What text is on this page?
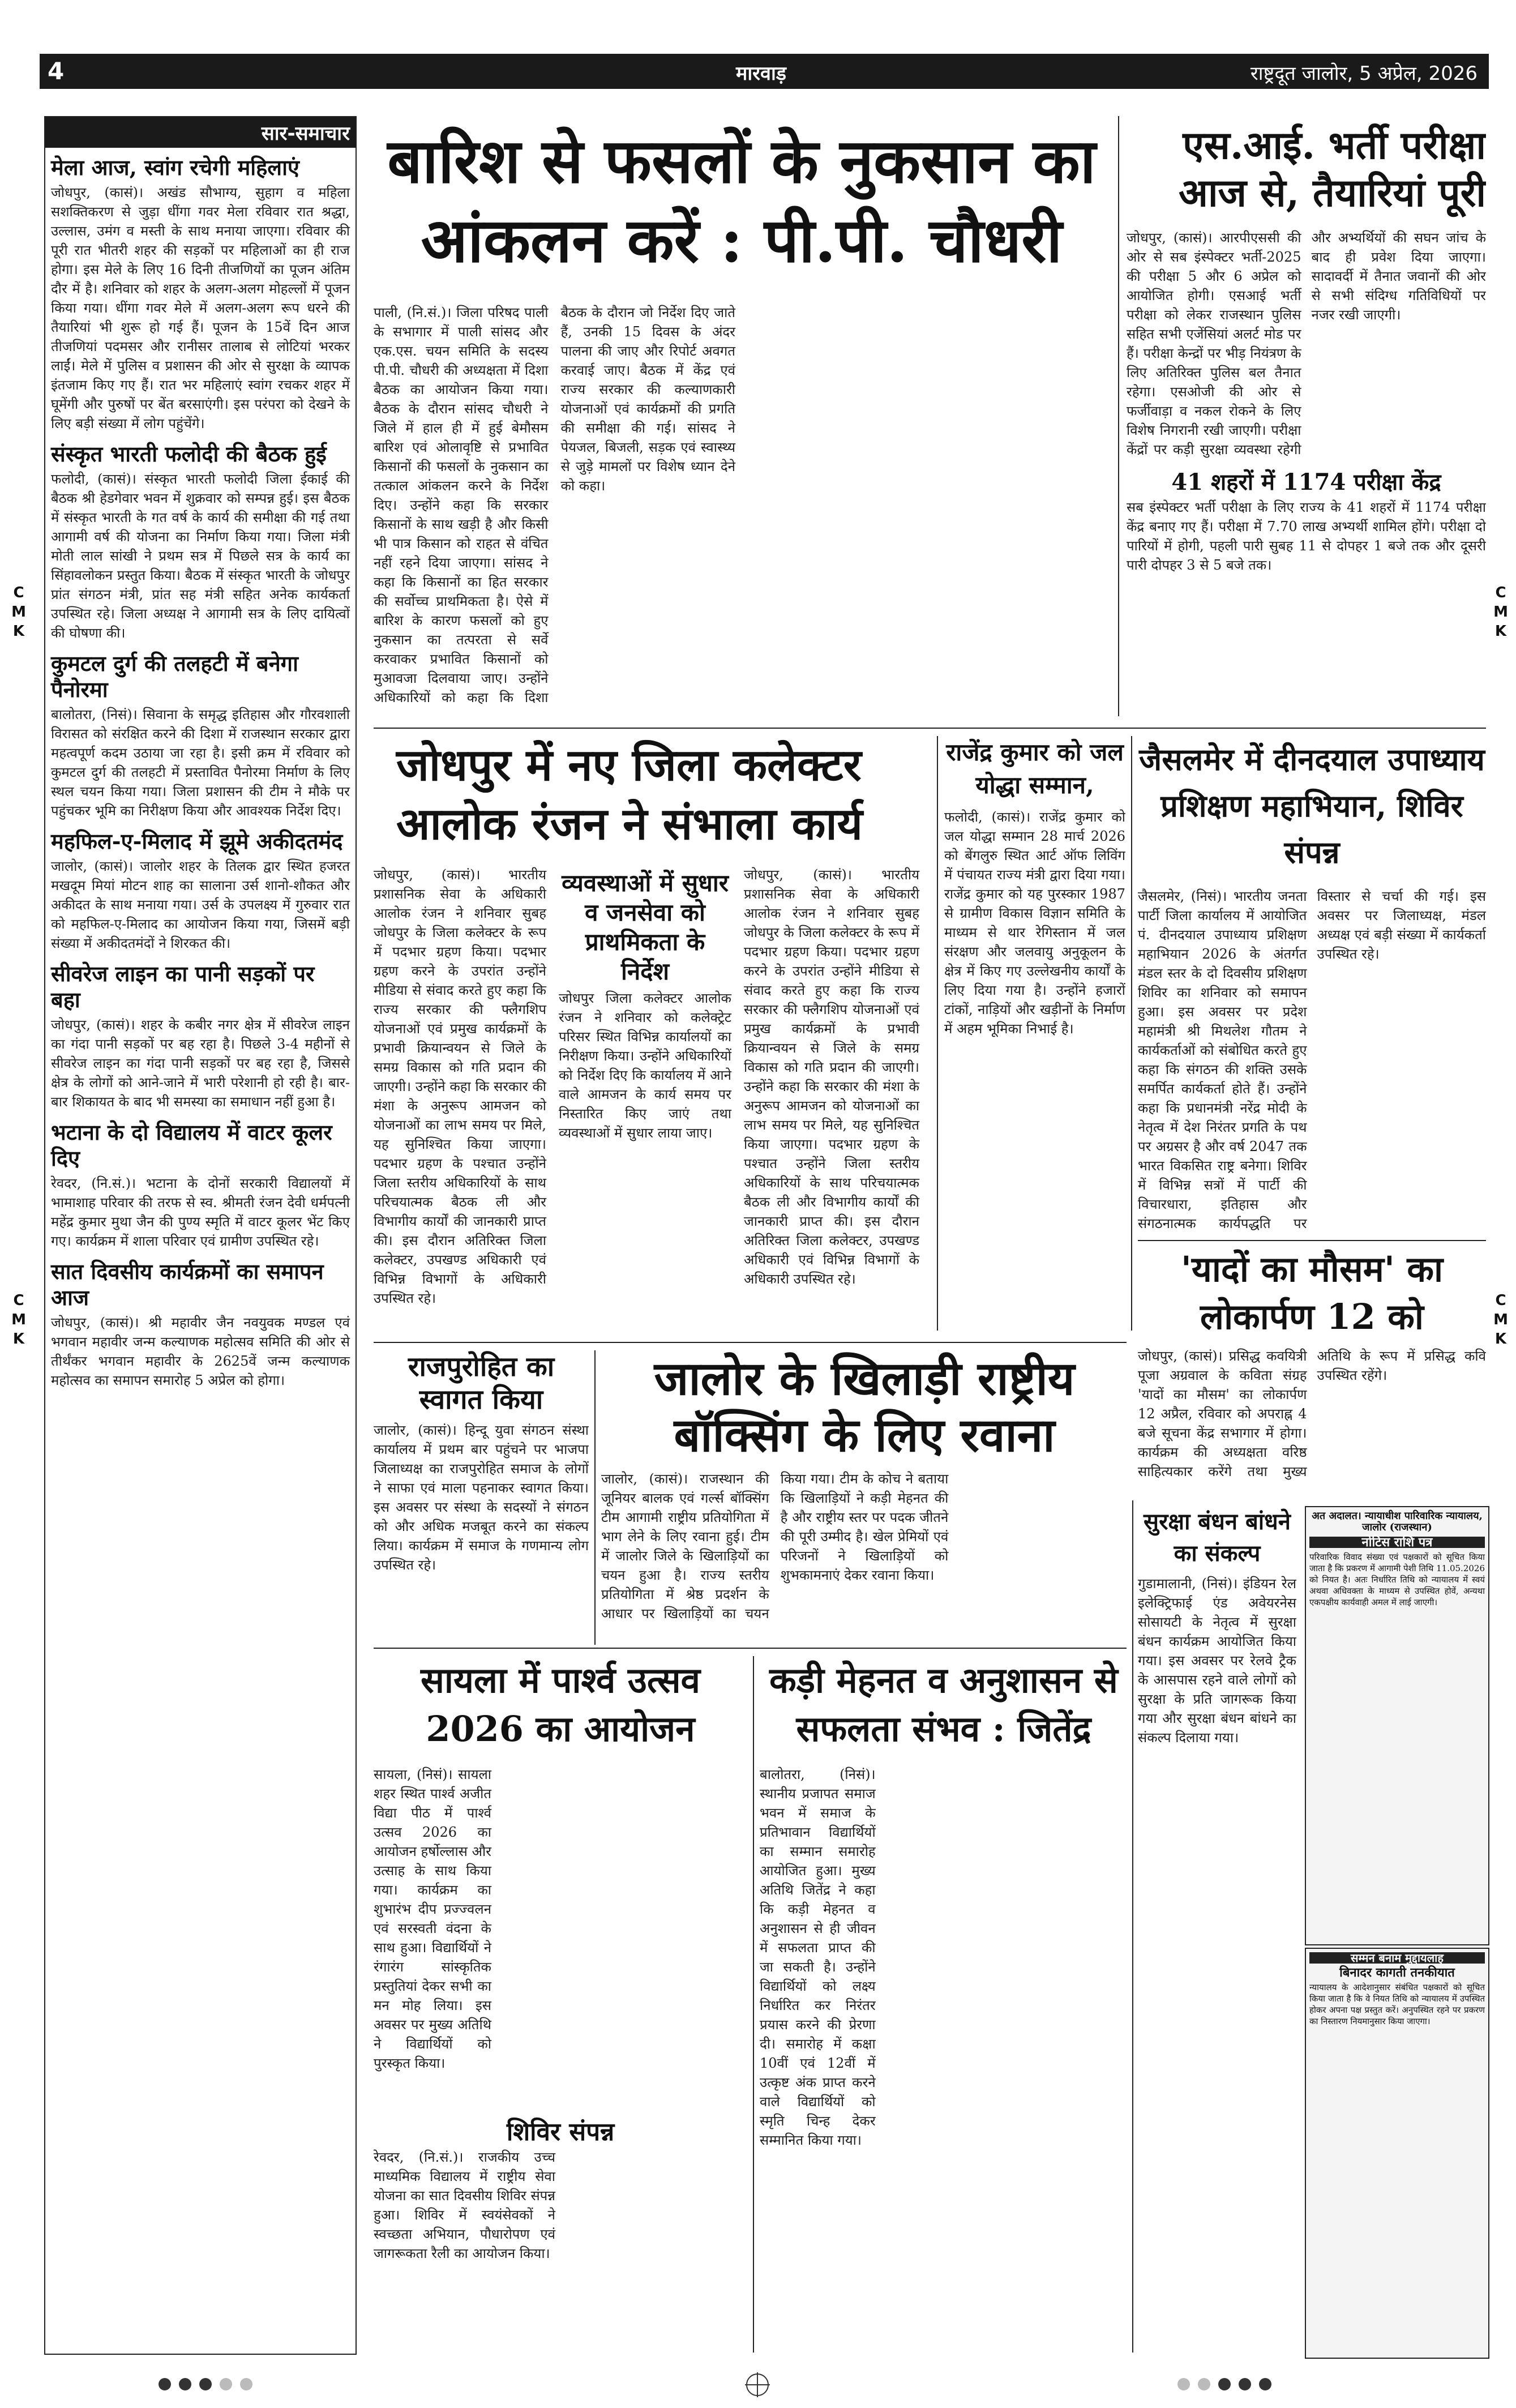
4	मारवाड़	राष्ट्रदूत जालोर, 5 अप्रेल, 2026
C
M
K
C
M
K
C
M
K
C
M
K
सार-समाचार
मेला आज, स्वांग रचेगी महिलाएं
जोधपुर, (कासं)। अखंड सौभाग्य, सुहाग व महिला सशक्तिकरण से जुड़ा धींगा गवर मेला रविवार रात श्रद्धा, उल्लास, उमंग व मस्ती के साथ मनाया जाएगा। रविवार की पूरी रात भीतरी शहर की सड़कों पर महिलाओं का ही राज होगा। इस मेले के लिए 16 दिनी तीजणियों का पूजन अंतिम दौर में है। शनिवार को शहर के अलग-अलग मोहल्लों में पूजन किया गया। धींगा गवर मेले में अलग-अलग रूप धरने की तैयारियां भी शुरू हो गई हैं। पूजन के 15वें दिन आज तीजणियां पदमसर और रानीसर तालाब से लोटियां भरकर लाईं। मेले में पुलिस व प्रशासन की ओर से सुरक्षा के व्यापक इंतजाम किए गए हैं। रात भर महिलाएं स्वांग रचकर शहर में घूमेंगी और पुरुषों पर बेंत बरसाएंगी। इस परंपरा को देखने के लिए बड़ी संख्या में लोग पहुंचेंगे।
संस्कृत भारती फलोदी की बैठक हुई
फलोदी, (कासं)। संस्कृत भारती फलोदी जिला ईकाई की बैठक श्री हेडगेवार भवन में शुक्रवार को सम्पन्न हुई। इस बैठक में संस्कृत भारती के गत वर्ष के कार्य की समीक्षा की गई तथा आगामी वर्ष की योजना का निर्माण किया गया। जिला मंत्री मोती लाल सांखी ने प्रथम सत्र में पिछले सत्र के कार्य का सिंहावलोकन प्रस्तुत किया। बैठक में संस्कृत भारती के जोधपुर प्रांत संगठन मंत्री, प्रांत सह मंत्री सहित अनेक कार्यकर्ता उपस्थित रहे। जिला अध्यक्ष ने आगामी सत्र के लिए दायित्वों की घोषणा की।
कुमटल दुर्ग की तलहटी में बनेगा पैनोरमा
बालोतरा, (निसं)। सिवाना के समृद्ध इतिहास और गौरवशाली विरासत को संरक्षित करने की दिशा में राजस्थान सरकार द्वारा महत्वपूर्ण कदम उठाया जा रहा है। इसी क्रम में रविवार को कुमटल दुर्ग की तलहटी में प्रस्तावित पैनोरमा निर्माण के लिए स्थल चयन किया गया। जिला प्रशासन की टीम ने मौके पर पहुंचकर भूमि का निरीक्षण किया और आवश्यक निर्देश दिए।
महफिल-ए-मिलाद में झूमे अकीदतमंद
जालोर, (कासं)। जालोर शहर के तिलक द्वार स्थित हजरत मखदूम मियां मोटन शाह का सालाना उर्स शानो-शौकत और अकीदत के साथ मनाया गया। उर्स के उपलक्ष्य में गुरुवार रात को महफिल-ए-मिलाद का आयोजन किया गया, जिसमें बड़ी संख्या में अकीदतमंदों ने शिरकत की।
सीवरेज लाइन का पानी सड़कों पर बहा
जोधपुर, (कासं)। शहर के कबीर नगर क्षेत्र में सीवरेज लाइन का गंदा पानी सड़कों पर बह रहा है। पिछले 3-4 महीनों से सीवरेज लाइन का गंदा पानी सड़कों पर बह रहा है, जिससे क्षेत्र के लोगों को आने-जाने में भारी परेशानी हो रही है। बार-बार शिकायत के बाद भी समस्या का समाधान नहीं हुआ है।
भटाना के दो विद्यालय में वाटर कूलर दिए
रेवदर, (नि.सं.)। भटाना के दोनों सरकारी विद्यालयों में भामाशाह परिवार की तरफ से स्व. श्रीमती रंजन देवी धर्मपत्नी महेंद्र कुमार मुथा जैन की पुण्य स्मृति में वाटर कूलर भेंट किए गए। कार्यक्रम में शाला परिवार एवं ग्रामीण उपस्थित रहे।
सात दिवसीय कार्यक्रमों का समापन आज
जोधपुर, (कासं)। श्री महावीर जैन नवयुवक मण्डल एवं भगवान महावीर जन्म कल्याणक महोत्सव समिति की ओर से तीर्थंकर भगवान महावीर के 2625वें जन्म कल्याणक महोत्सव का समापन समारोह 5 अप्रेल को होगा।
बारिश से फसलों के नुकसान का आंकलन करें : पी.पी. चौधरी
पाली, (नि.सं.)। जिला परिषद पाली के सभागार में पाली सांसद और एक.एस. चयन समिति के सदस्य पी.पी. चौधरी की अध्यक्षता में दिशा बैठक का आयोजन किया गया। बैठक के दौरान सांसद चौधरी ने जिले में हाल ही में हुई बेमौसम बारिश एवं ओलावृष्टि से प्रभावित किसानों की फसलों के नुकसान का तत्काल आंकलन करने के निर्देश दिए। उन्होंने कहा कि सरकार किसानों के साथ खड़ी है और किसी भी पात्र किसान को राहत से वंचित नहीं रहने दिया जाएगा। सांसद ने कहा कि किसानों का हित सरकार की सर्वोच्च प्राथमिकता है। ऐसे में बारिश के कारण फसलों को हुए नुकसान का तत्परता से सर्वे करवाकर प्रभावित किसानों को मुआवजा दिलवाया जाए। उन्होंने अधिकारियों को कहा कि दिशा बैठक के दौरान जो निर्देश दिए जाते हैं, उनकी 15 दिवस के अंदर पालना की जाए और रिपोर्ट अवगत करवाई जाए। बैठक में केंद्र एवं राज्य सरकार की कल्याणकारी योजनाओं एवं कार्यक्रमों की प्रगति की समीक्षा की गई। सांसद ने पेयजल, बिजली, सड़क एवं स्वास्थ्य से जुड़े मामलों पर विशेष ध्यान देने को कहा।
एस.आई. भर्ती परीक्षा आज से, तैयारियां पूरी
जोधपुर, (कासं)। आरपीएससी की ओर से सब इंस्पेक्टर भर्ती-2025 की परीक्षा 5 और 6 अप्रेल को आयोजित होगी। एसआई भर्ती परीक्षा को लेकर राजस्थान पुलिस सहित सभी एजेंसियां अलर्ट मोड पर हैं। परीक्षा केन्द्रों पर भीड़ नियंत्रण के लिए अतिरिक्त पुलिस बल तैनात रहेगा। एसओजी की ओर से फर्जीवाड़ा व नकल रोकने के लिए विशेष निगरानी रखी जाएगी। परीक्षा केंद्रों पर कड़ी सुरक्षा व्यवस्था रहेगी और अभ्यर्थियों की सघन जांच के बाद ही प्रवेश दिया जाएगा। सादावर्दी में तैनात जवानों की ओर से सभी संदिग्ध गतिविधियों पर नजर रखी जाएगी।
41 शहरों में 1174 परीक्षा केंद्र
सब इंस्पेक्टर भर्ती परीक्षा के लिए राज्य के 41 शहरों में 1174 परीक्षा केंद्र बनाए गए हैं। परीक्षा में 7.70 लाख अभ्यर्थी शामिल होंगे। परीक्षा दो पारियों में होगी, पहली पारी सुबह 11 से दोपहर 1 बजे तक और दूसरी पारी दोपहर 3 से 5 बजे तक।
जोधपुर में नए जिला कलेक्टर आलोक रंजन ने संभाला कार्य
जोधपुर, (कासं)। भारतीय प्रशासनिक सेवा के अधिकारी आलोक रंजन ने शनिवार सुबह जोधपुर के जिला कलेक्टर के रूप में पदभार ग्रहण किया। पदभार ग्रहण करने के उपरांत उन्होंने मीडिया से संवाद करते हुए कहा कि राज्य सरकार की फ्लैगशिप योजनाओं एवं प्रमुख कार्यक्रमों के प्रभावी क्रियान्वयन से जिले के समग्र विकास को गति प्रदान की जाएगी। उन्होंने कहा कि सरकार की मंशा के अनुरूप आमजन को योजनाओं का लाभ समय पर मिले, यह सुनिश्चित किया जाएगा। पदभार ग्रहण के पश्चात उन्होंने जिला स्तरीय अधिकारियों के साथ परिचयात्मक बैठक ली और विभागीय कार्यों की जानकारी प्राप्त की। इस दौरान अतिरिक्त जिला कलेक्टर, उपखण्ड अधिकारी एवं विभिन्न विभागों के अधिकारी उपस्थित रहे।
व्यवस्थाओं में सुधार व जनसेवा को प्राथमिकता के निर्देश
जोधपुर जिला कलेक्टर आलोक रंजन ने शनिवार को कलेक्ट्रेट परिसर स्थित विभिन्न कार्यालयों का निरीक्षण किया। उन्होंने अधिकारियों को निर्देश दिए कि कार्यालय में आने वाले आमजन के कार्य समय पर निस्तारित किए जाएं तथा व्यवस्थाओं में सुधार लाया जाए।
जोधपुर, (कासं)। भारतीय प्रशासनिक सेवा के अधिकारी आलोक रंजन ने शनिवार सुबह जोधपुर के जिला कलेक्टर के रूप में पदभार ग्रहण किया। पदभार ग्रहण करने के उपरांत उन्होंने मीडिया से संवाद करते हुए कहा कि राज्य सरकार की फ्लैगशिप योजनाओं एवं प्रमुख कार्यक्रमों के प्रभावी क्रियान्वयन से जिले के समग्र विकास को गति प्रदान की जाएगी। उन्होंने कहा कि सरकार की मंशा के अनुरूप आमजन को योजनाओं का लाभ समय पर मिले, यह सुनिश्चित किया जाएगा। पदभार ग्रहण के पश्चात उन्होंने जिला स्तरीय अधिकारियों के साथ परिचयात्मक बैठक ली और विभागीय कार्यों की जानकारी प्राप्त की। इस दौरान अतिरिक्त जिला कलेक्टर, उपखण्ड अधिकारी एवं विभिन्न विभागों के अधिकारी उपस्थित रहे।
राजेंद्र कुमार को जल योद्धा सम्मान,
फलोदी, (कासं)। राजेंद्र कुमार को जल योद्धा सम्मान 28 मार्च 2026 को बेंगलुरु स्थित आर्ट ऑफ लिविंग में पंचायत राज्य मंत्री द्वारा दिया गया। राजेंद्र कुमार को यह पुरस्कार 1987 से ग्रामीण विकास विज्ञान समिति के माध्यम से थार रेगिस्तान में जल संरक्षण और जलवायु अनुकूलन के क्षेत्र में किए गए उल्लेखनीय कार्यों के लिए दिया गया है। उन्होंने हजारों टांकों, नाड़ियों और खड़ीनों के निर्माण में अहम भूमिका निभाई है।
जैसलमेर में दीनदयाल उपाध्याय प्रशिक्षण महाभियान, शिविर संपन्न
जैसलमेर, (निसं)। भारतीय जनता पार्टी जिला कार्यालय में आयोजित पं. दीनदयाल उपाध्याय प्रशिक्षण महाभियान 2026 के अंतर्गत मंडल स्तर के दो दिवसीय प्रशिक्षण शिविर का शनिवार को समापन हुआ। इस अवसर पर प्रदेश महामंत्री श्री मिथलेश गौतम ने कार्यकर्ताओं को संबोधित करते हुए कहा कि संगठन की शक्ति उसके समर्पित कार्यकर्ता होते हैं। उन्होंने कहा कि प्रधानमंत्री नरेंद्र मोदी के नेतृत्व में देश निरंतर प्रगति के पथ पर अग्रसर है और वर्ष 2047 तक भारत विकसित राष्ट्र बनेगा। शिविर में विभिन्न सत्रों में पार्टी की विचारधारा, इतिहास और संगठनात्मक कार्यपद्धति पर विस्तार से चर्चा की गई। इस अवसर पर जिलाध्यक्ष, मंडल अध्यक्ष एवं बड़ी संख्या में कार्यकर्ता उपस्थित रहे।
'यादों का मौसम' का लोकार्पण 12 को
जोधपुर, (कासं)। प्रसिद्ध कवयित्री पूजा अग्रवाल के कविता संग्रह 'यादों का मौसम' का लोकार्पण 12 अप्रैल, रविवार को अपराह्न 4 बजे सूचना केंद्र सभागार में होगा। कार्यक्रम की अध्यक्षता वरिष्ठ साहित्यकार करेंगे तथा मुख्य अतिथि के रूप में प्रसिद्ध कवि उपस्थित रहेंगे।
राजपुरोहित का स्वागत किया
जालोर, (कासं)। हिन्दू युवा संगठन संस्था कार्यालय में प्रथम बार पहुंचने पर भाजपा जिलाध्यक्ष का राजपुरोहित समाज के लोगों ने साफा एवं माला पहनाकर स्वागत किया। इस अवसर पर संस्था के सदस्यों ने संगठन को और अधिक मजबूत करने का संकल्प लिया। कार्यक्रम में समाज के गणमान्य लोग उपस्थित रहे।
जालोर के खिलाड़ी राष्ट्रीय बॉक्सिंग के लिए रवाना
जालोर, (कासं)। राजस्थान की जूनियर बालक एवं गर्ल्स बॉक्सिंग टीम आगामी राष्ट्रीय प्रतियोगिता में भाग लेने के लिए रवाना हुई। टीम में जालोर जिले के खिलाड़ियों का चयन हुआ है। राज्य स्तरीय प्रतियोगिता में श्रेष्ठ प्रदर्शन के आधार पर खिलाड़ियों का चयन किया गया। टीम के कोच ने बताया कि खिलाड़ियों ने कड़ी मेहनत की है और राष्ट्रीय स्तर पर पदक जीतने की पूरी उम्मीद है। खेल प्रेमियों एवं परिजनों ने खिलाड़ियों को शुभकामनाएं देकर रवाना किया।
सायला में पार्श्व उत्सव 2026 का आयोजन
सायला, (निसं)। सायला शहर स्थित पार्श्व अजीत विद्या पीठ में पार्श्व उत्सव 2026 का आयोजन हर्षोल्लास और उत्साह के साथ किया गया। कार्यक्रम का शुभारंभ दीप प्रज्ज्वलन एवं सरस्वती वंदना के साथ हुआ। विद्यार्थियों ने रंगारंग सांस्कृतिक प्रस्तुतियां देकर सभी का मन मोह लिया। इस अवसर पर मुख्य अतिथि ने विद्यार्थियों को पुरस्कृत किया।
शिविर संपन्न
रेवदर, (नि.सं.)। राजकीय उच्च माध्यमिक विद्यालय में राष्ट्रीय सेवा योजना का सात दिवसीय शिविर संपन्न हुआ। शिविर में स्वयंसेवकों ने स्वच्छता अभियान, पौधारोपण एवं जागरूकता रैली का आयोजन किया।
कड़ी मेहनत व अनुशासन से सफलता संभव : जितेंद्र
बालोतरा, (निसं)। स्थानीय प्रजापत समाज भवन में समाज के प्रतिभावान विद्यार्थियों का सम्मान समारोह आयोजित हुआ। मुख्य अतिथि जितेंद्र ने कहा कि कड़ी मेहनत व अनुशासन से ही जीवन में सफलता प्राप्त की जा सकती है। उन्होंने विद्यार्थियों को लक्ष्य निर्धारित कर निरंतर प्रयास करने की प्रेरणा दी। समारोह में कक्षा 10वीं एवं 12वीं में उत्कृष्ट अंक प्राप्त करने वाले विद्यार्थियों को स्मृति चिन्ह देकर सम्मानित किया गया।
सुरक्षा बंधन बांधने का संकल्प
गुडामालानी, (निसं)। इंडियन रेल इलेक्ट्रिफाई एंड अवेयरनेस सोसायटी के नेतृत्व में सुरक्षा बंधन कार्यक्रम आयोजित किया गया। इस अवसर पर रेलवे ट्रैक के आसपास रहने वाले लोगों को सुरक्षा के प्रति जागरूक किया गया और सुरक्षा बंधन बांधने का संकल्प दिलाया गया।
अत अदालत। न्यायाधीश पारिवारिक न्यायालय, जालोर (राजस्थान)
नोटिस राशि पत्र
परिवारिक विवाद संख्या एवं पक्षकारों को सूचित किया जाता है कि प्रकरण में आगामी पेशी तिथि 11.05.2026 को नियत है। अतः निर्धारित तिथि को न्यायालय में स्वयं अथवा अधिवक्ता के माध्यम से उपस्थित होवें, अन्यथा एकपक्षीय कार्यवाही अमल में लाई जाएगी।
सम्मन बनाम मुद्दायलाह
बिनादर कागती तनकीयात
न्यायालय के आदेशानुसार संबंधित पक्षकारों को सूचित किया जाता है कि वे नियत तिथि को न्यायालय में उपस्थित होकर अपना पक्ष प्रस्तुत करें। अनुपस्थित रहने पर प्रकरण का निस्तारण नियमानुसार किया जाएगा।
